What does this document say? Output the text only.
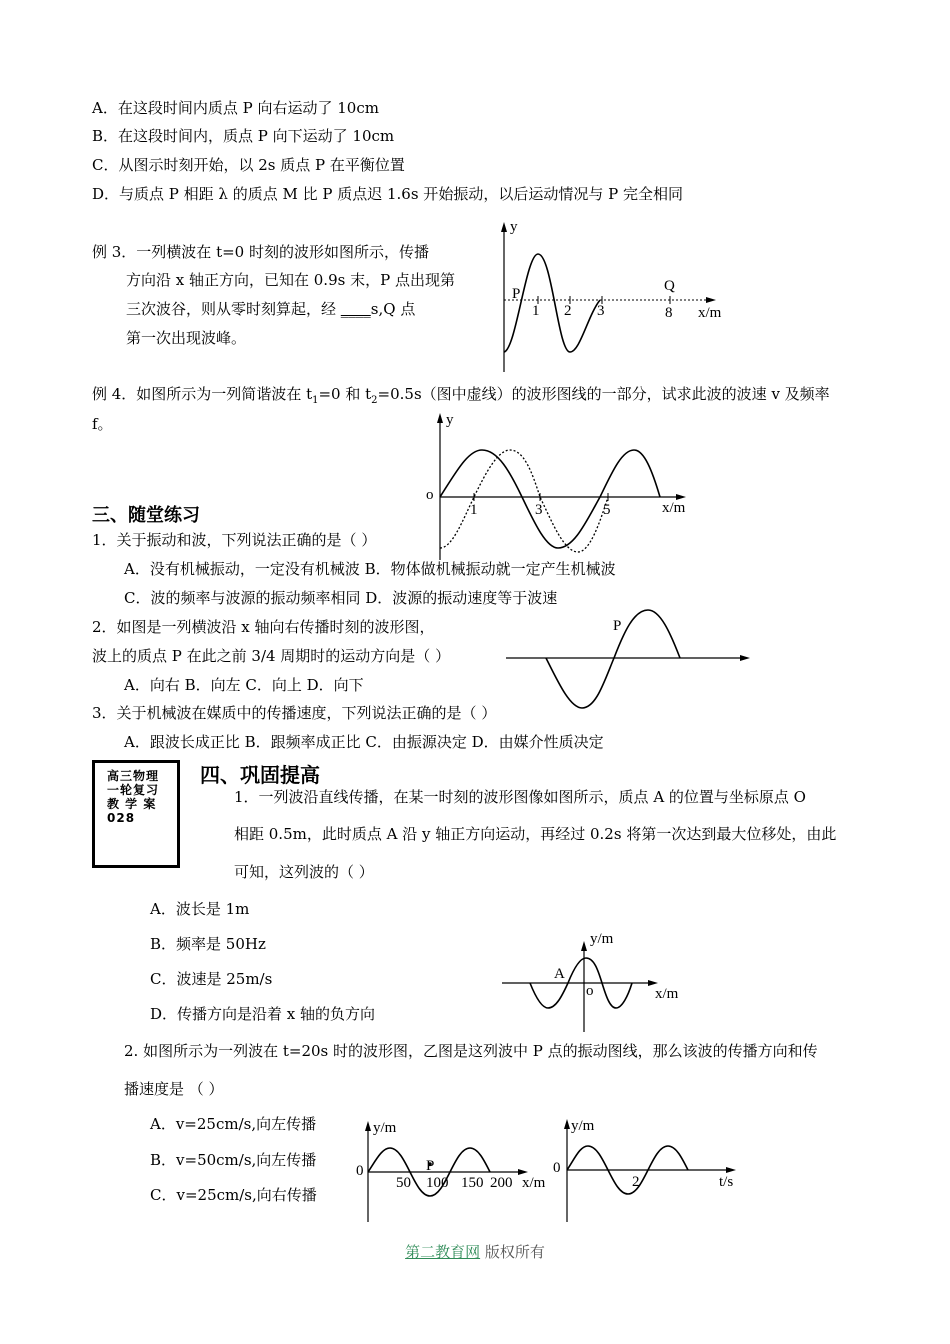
A．在这段时间内质点 P 向右运动了 10cm
B．在这段时间内，质点 P 向下运动了 10cm
C．从图示时刻开始，以 2s 质点 P 在平衡位置
D．与质点 P 相距 λ 的质点 M 比 P 质点迟 1.6s 开始振动，以后运动情况与 P 完全相同
例 3．一列横波在 t=0 时刻的波形如图所示，传播
方向沿 x 轴正方向，已知在 0.9s 末，P 点出现第
三次波谷，则从零时刻算起，经 ____s,Q 点
第一次出现波峰。
y
P	Q
1 2 3	8 x/m
例 4．如图所示为一列简谐波在 $t_1=0$ 和 $t_2=0.5s$（图中虚线）的波形图线的一部分，试求此波的波速 v 及频率
f。	y
o
1	3	5	x/m
三、随堂练习
1．关于振动和波，下列说法正确的是（ ）
A．没有机械振动，一定没有机械波 B．物体做机械振动就一定产生机械波
C．波的频率与波源的振动频率相同 D．波源的振动速度等于波速
2．如图是一列横波沿 x 轴向右传播时刻的波形图，
波上的质点 P 在此之前 3/4 周期时的运动方向是（ ）
A．向右 B．向左 C．向上 D．向下
3．关于机械波在媒质中的传播速度，下列说法正确的是（ ）
A．跟波长成正比 B．跟频率成正比 C．由振源决定 D．由媒介性质决定
P
高三物理
一轮复习
教 学 案
028
四、巩固提高
1．一列波沿直线传播，在某一时刻的波形图像如图所示，质点 A 的位置与坐标原点 O
相距 0.5m，此时质点 A 沿 y 轴正方向运动，再经过 0.2s 将第一次达到最大位移处，由此
可知，这列波的（ ）
A．波长是 1m
B．频率是 50Hz
C．波速是 25m/s
D．传播方向是沿着 x 轴的负方向
y/m
A
o	x/m
2. 如图所示为一列波在 t=20s 时的波形图，乙图是这列波中 P 点的振动图线，那么该波的传播方向和传
播速度是 （ ）
A．v=25cm/s,向左传播
B．v=50cm/s,向左传播
C．v=25cm/s,向右传播
y/m
0	P
50 100 150 200 x/m
y/m
0
2	t/s
第二教育网 版权所有
